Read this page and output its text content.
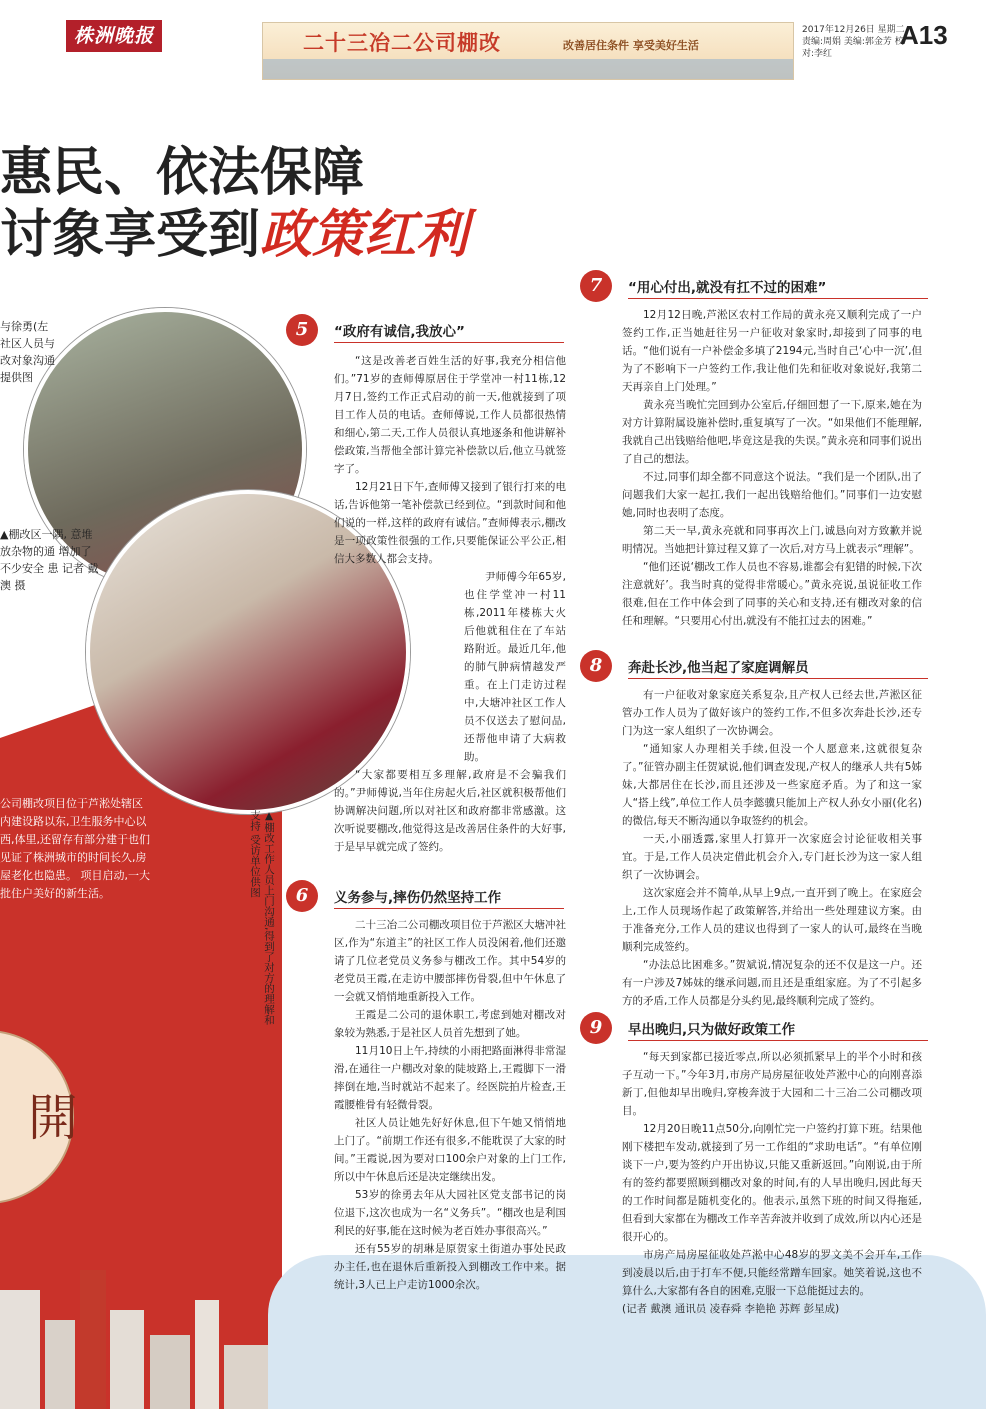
株洲晚报	二十三冶二公司棚改	改善居住条件 享受美好生活
2017年12月26日 星期二
责编:周娟 美编:郭金芳 校对:李红
A13
惠民、依法保障
讨象享受到政策红利
公司棚改项目位于芦淞处辖区内建设路以东,卫生服务中心以西,体里,还留存有部分建于也们见证了株洲城市的时间长久,房屋老化也隐患。 项目启动,一大批住户美好的新生活。
開
与徐勇(左 社区人员与 改对象沟通 提供图
▲棚改区一隅, 意堆放杂物的通 增加了不少安全 患 记者 戴澳 摄
▲棚改工作人员上门沟通,得到了对方的理解和支持 受访单位供图
5	“政府有诚信,我放心”

“这是改善老百姓生活的好事,我充分相信他们。”71岁的查师傅原居住于学堂冲一村11栋,12月7日,签约工作正式启动的前一天,他就接到了项目工作人员的电话。查师傅说,工作人员都很热情和细心,第二天,工作人员很认真地逐条和他讲解补偿政策,当帮他全部计算完补偿款以后,他立马就签字了。

12月21日下午,查师傅又接到了银行打来的电话,告诉他第一笔补偿款已经到位。“到款时间和他们说的一样,这样的政府有诚信。”查师傅表示,棚改是一项政策性很强的工作,只要能保证公平公正,相信大多数人都会支持。

尹师傅今年65岁,也住学堂冲一村11栋,2011年楼栋大火后他就租住在了车站路附近。最近几年,他的肺气肿病情越发严重。在上门走访过程中,大塘冲社区工作人员不仅送去了慰问品,还帮他申请了大病救助。

“大家都要相互多理解,政府是不会骗我们的。”尹师傅说,当年住房起火后,社区就积极帮他们协调解决问题,所以对社区和政府都非常感激。这次听说要棚改,他觉得这是改善居住条件的大好事,于是早早就完成了签约。

6	义务参与,摔伤仍然坚持工作

二十三冶二公司棚改项目位于芦淞区大塘冲社区,作为“东道主”的社区工作人员没闲着,他们还邀请了几位老党员义务参与棚改工作。其中54岁的老党员王霞,在走访中腰部摔伤骨裂,但中午休息了一会就又悄悄地重新投入工作。

王霞是二公司的退休职工,考虑到她对棚改对象较为熟悉,于是社区人员首先想到了她。

11月10日上午,持续的小雨把路面淋得非常湿滑,在通往一户棚改对象的陡坡路上,王霞脚下一滑摔倒在地,当时就站不起来了。经医院拍片检查,王霞腰椎骨有轻微骨裂。

社区人员让她先好好休息,但下午她又悄悄地上门了。“前期工作还有很多,不能耽误了大家的时间。”王霞说,因为要对口100余户对象的上门工作,所以中午休息后还是决定继续出发。

53岁的徐勇去年从大园社区党支部书记的岗位退下,这次也成为一名“义务兵”。“棚改也是利国利民的好事,能在这时候为老百姓办事很高兴。”

还有55岁的胡琳是原贺家土街道办事处民政办主任,也在退休后重新投入到棚改工作中来。据统计,3人已上户走访1000余次。

7	“用心付出,就没有扛不过的困难”

12月12日晚,芦淞区农村工作局的黄永亮又顺利完成了一户签约工作,正当她赶往另一户征收对象家时,却接到了同事的电话。“他们说有一户补偿金多填了2194元,当时自己‘心中一沉’,但为了不影响下一户签约工作,我让他们先和征收对象说好,我第二天再亲自上门处理。”

黄永亮当晚忙完回到办公室后,仔细回想了一下,原来,她在为对方计算附属设施补偿时,重复填写了一次。“如果他们不能理解,我就自己出钱赔给他吧,毕竟这是我的失误。”黄永亮和同事们说出了自己的想法。

不过,同事们却全都不同意这个说法。“我们是一个团队,出了问题我们大家一起扛,我们一起出钱赔给他们。”同事们一边安慰她,同时也表明了态度。

第二天一早,黄永亮就和同事再次上门,诚恳向对方致歉并说明情况。当她把计算过程又算了一次后,对方马上就表示“理解”。

“他们还说‘棚改工作人员也不容易,谁都会有犯错的时候,下次注意就好’。我当时真的觉得非常暖心。”黄永亮说,虽说征收工作很难,但在工作中体会到了同事的关心和支持,还有棚改对象的信任和理解。“只要用心付出,就没有不能扛过去的困难。”

8	奔赴长沙,他当起了家庭调解员

有一户征收对象家庭关系复杂,且产权人已经去世,芦淞区征管办工作人员为了做好该户的签约工作,不但多次奔赴长沙,还专门为这一家人组织了一次协调会。

“通知家人办理相关手续,但没一个人愿意来,这就很复杂了。”征管办副主任贺斌说,他们调查发现,产权人的继承人共有5姊妹,大都居住在长沙,而且还涉及一些家庭矛盾。为了和这一家人“搭上线”,单位工作人员李懿骥只能加上产权人孙女小丽(化名)的微信,每天不断沟通以争取签约的机会。

一天,小丽透露,家里人打算开一次家庭会讨论征收相关事宜。于是,工作人员决定借此机会介入,专门赶长沙为这一家人组织了一次协调会。

这次家庭会并不简单,从早上9点,一直开到了晚上。在家庭会上,工作人员现场作起了政策解答,并给出一些处理建议方案。由于准备充分,工作人员的建议也得到了一家人的认可,最终在当晚顺利完成签约。

“办法总比困难多。”贺斌说,情况复杂的还不仅是这一户。还有一户涉及7姊妹的继承问题,而且还是重组家庭。为了不引起多方的矛盾,工作人员都是分头约见,最终顺利完成了签约。

9	早出晚归,只为做好政策工作

“每天到家都已接近零点,所以必须抓紧早上的半个小时和孩子互动一下。”今年3月,市房产局房屋征收处芦淞中心的向刚喜添新丁,但他却早出晚归,穿梭奔波于大园和二十三冶二公司棚改项目。

12月20日晚11点50分,向刚忙完一户签约打算下班。结果他刚下楼把车发动,就接到了另一工作组的“求助电话”。“有单位刚谈下一户,要为签约户开出协议,只能又重新返回。”向刚说,由于所有的签约都要照顾到棚改对象的时间,有的人早出晚归,因此每天的工作时间都是随机变化的。他表示,虽然下班的时间又得拖延,但看到大家都在为棚改工作辛苦奔波并收到了成效,所以内心还是很开心的。

市房产局房屋征收处芦淞中心48岁的罗文美不会开车,工作到凌晨以后,由于打车不便,只能经常蹭车回家。她笑着说,这也不算什么,大家都有各自的困难,克服一下总能挺过去的。

(记者 戴澳 通讯员 凌春舜 李艳艳 苏辉 彭星成)
